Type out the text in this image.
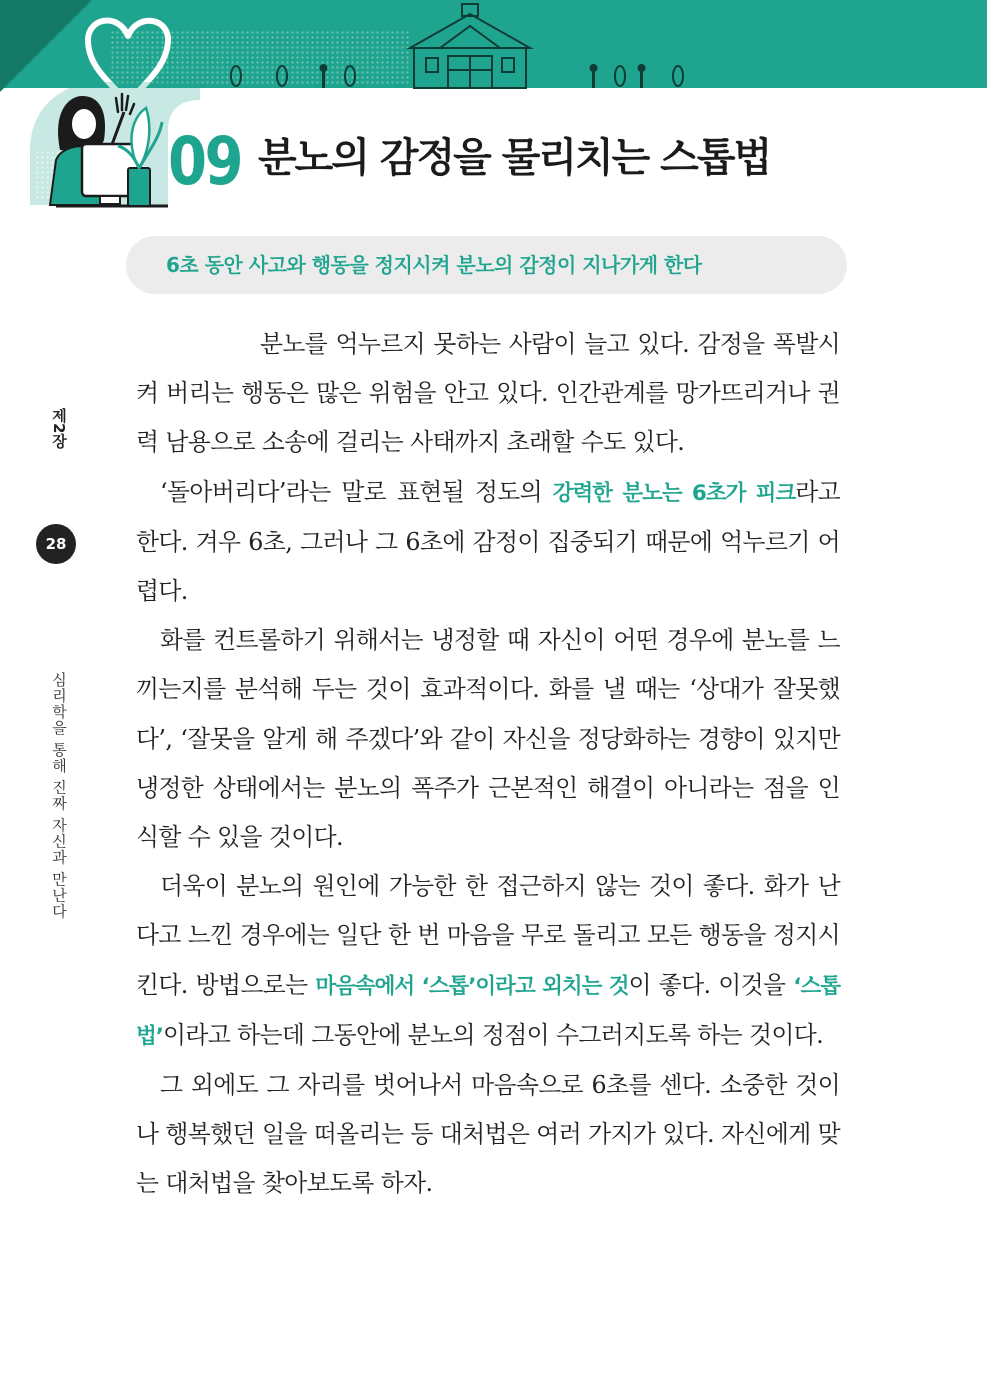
09 분노의 감정을 물리치는 스톱법
6초 동안 사고와 행동을 정지시켜 분노의 감정이 지나가게 한다
제2장
28
심리학을 통해 진짜 자신과 만난다

분노를 억누르지 못하는 사람이 늘고 있다. 감정을 폭발시켜 버리는 행동은 많은 위험을 안고 있다. 인간관계를 망가뜨리거나 권력 남용으로 소송에 걸리는 사태까지 초래할 수도 있다.

‘돌아버리다’라는 말로 표현될 정도의 강력한 분노는 6초가 피크라고 한다. 겨우 6초, 그러나 그 6초에 감정이 집중되기 때문에 억누르기 어렵다.

화를 컨트롤하기 위해서는 냉정할 때 자신이 어떤 경우에 분노를 느끼는지를 분석해 두는 것이 효과적이다. 화를 낼 때는 ‘상대가 잘못했다’, ‘잘못을 알게 해 주겠다’와 같이 자신을 정당화하는 경향이 있지만 냉정한 상태에서는 분노의 폭주가 근본적인 해결이 아니라는 점을 인식할 수 있을 것이다.

더욱이 분노의 원인에 가능한 한 접근하지 않는 것이 좋다. 화가 난다고 느낀 경우에는 일단 한 번 마음을 무로 돌리고 모든 행동을 정지시킨다. 방법으로는 마음속에서 ‘스톱’이라고 외치는 것이 좋다. 이것을 ‘스톱법’이라고 하는데 그동안에 분노의 정점이 수그러지도록 하는 것이다.

그 외에도 그 자리를 벗어나서 마음속으로 6초를 센다. 소중한 것이나 행복했던 일을 떠올리는 등 대처법은 여러 가지가 있다. 자신에게 맞는 대처법을 찾아보도록 하자.
